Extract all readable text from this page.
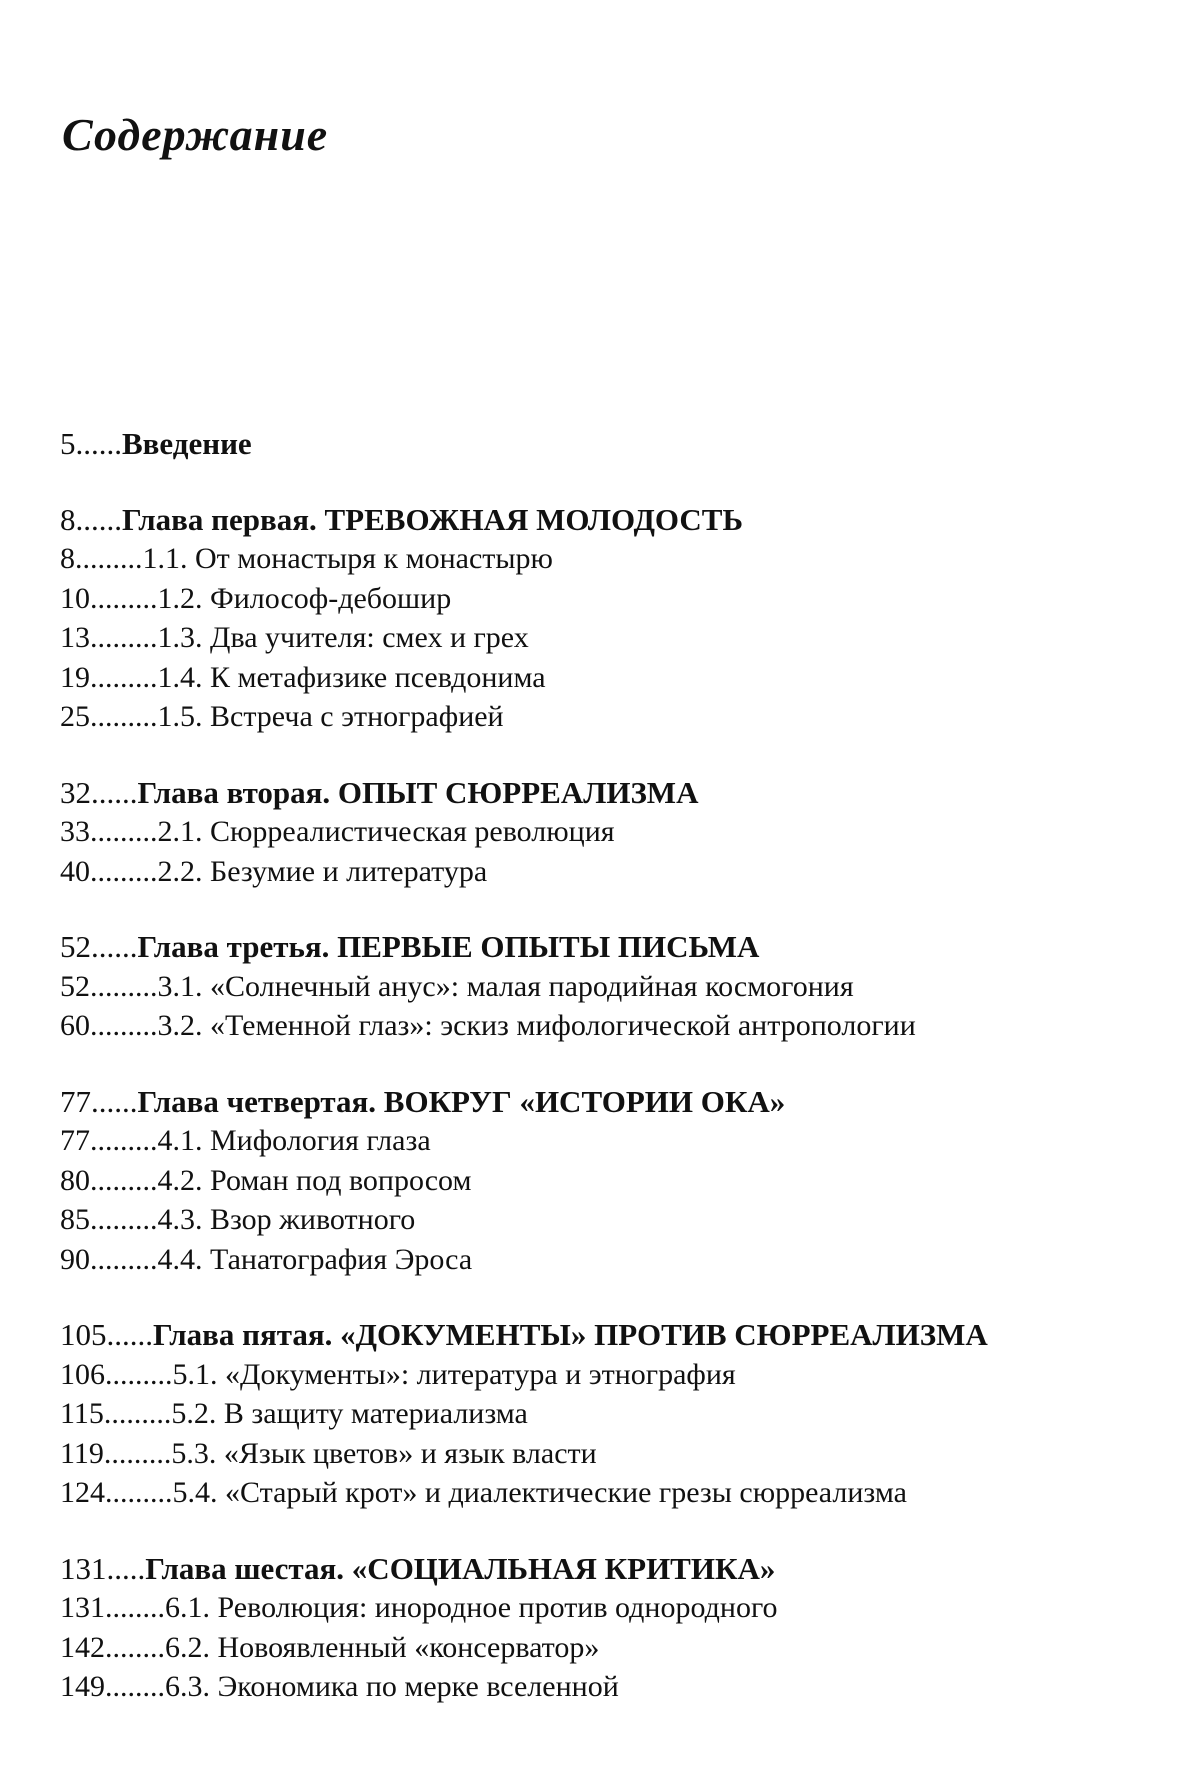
Содержание
5......Введение
8......Глава первая. ТРЕВОЖНАЯ МОЛОДОСТЬ
8.........1.1. От монастыря к монастырю
10.........1.2. Философ-дебошир
13.........1.3. Два учителя: смех и грех
19.........1.4. К метафизике псевдонима
25.........1.5. Встреча с этнографией
32......Глава вторая. ОПЫТ СЮРРЕАЛИЗМА
33.........2.1. Сюрреалистическая революция
40.........2.2. Безумие и литература
52......Глава третья. ПЕРВЫЕ ОПЫТЫ ПИСЬМА
52.........3.1. «Солнечный анус»: малая пародийная космогония
60.........3.2. «Теменной глаз»: эскиз мифологической антропологии
77......Глава четвертая. ВОКРУГ «ИСТОРИИ ОКА»
77.........4.1. Мифология глаза
80.........4.2. Роман под вопросом
85.........4.3. Взор животного
90.........4.4. Танатография Эроса
105......Глава пятая. «ДОКУМЕНТЫ» ПРОТИВ СЮРРЕАЛИЗМА
106.........5.1. «Документы»: литература и этнография
115.........5.2. В защиту материализма
119.........5.3. «Язык цветов» и язык власти
124.........5.4. «Старый крот» и диалектические грезы сюрреализма
131.....Глава шестая. «СОЦИАЛЬНАЯ КРИТИКА»
131........6.1. Революция: инородное против однородного
142........6.2. Новоявленный «консерватор»
149........6.3. Экономика по мерке вселенной
